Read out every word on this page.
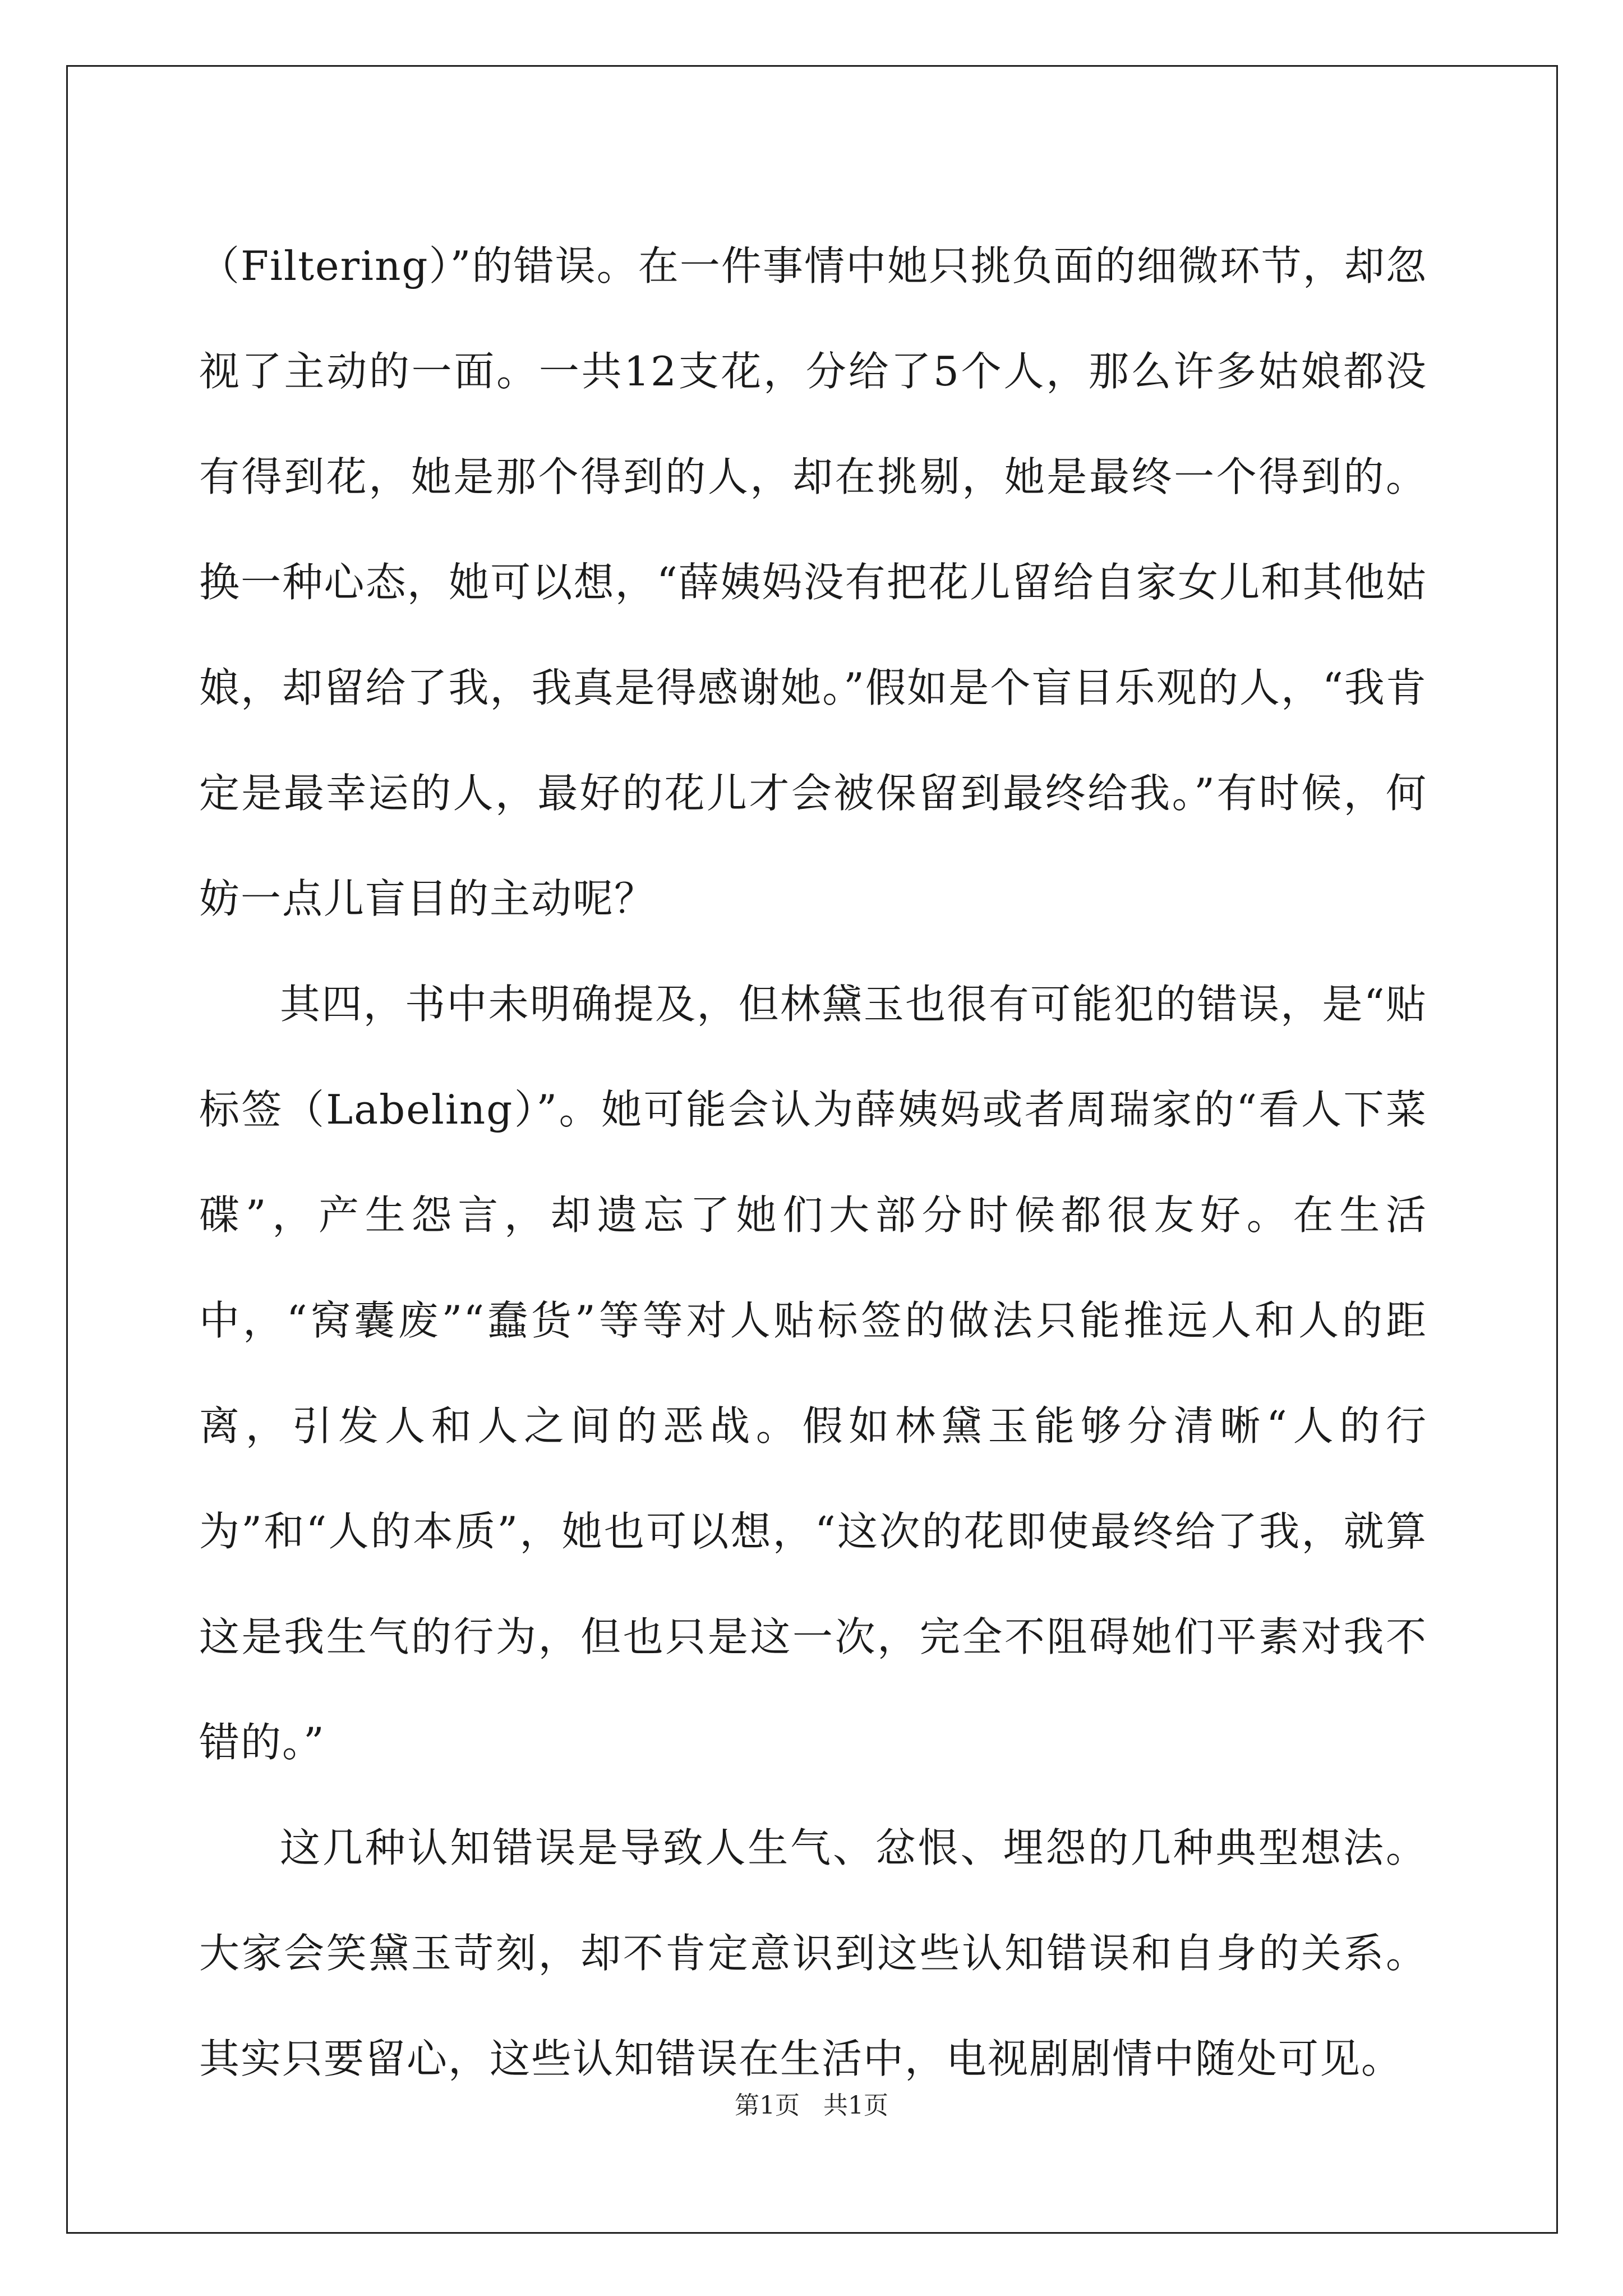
（Filtering）”的错误。在一件事情中她只挑负面的细微环节，却忽视了主动的一面。一共12支花，分给了5个人，那么许多姑娘都没有得到花，她是那个得到的人，却在挑剔，她是最终一个得到的。换一种心态，她可以想，“薛姨妈没有把花儿留给自家女儿和其他姑娘，却留给了我，我真是得感谢她。”假如是个盲目乐观的人，“我肯定是最幸运的人，最好的花儿才会被保留到最终给我。”有时候，何妨一点儿盲目的主动呢？

其四，书中未明确提及，但林黛玉也很有可能犯的错误，是“贴标签（Labeling）”。她可能会认为薛姨妈或者周瑞家的“看人下菜碟”，产生怨言，却遗忘了她们大部分时候都很友好。在生活中，“窝囊废”“蠢货”等等对人贴标签的做法只能推远人和人的距离，引发人和人之间的恶战。假如林黛玉能够分清晰“人的行为”和“人的本质”，她也可以想，“这次的花即使最终给了我，就算这是我生气的行为，但也只是这一次，完全不阻碍她们平素对我不错的。”

这几种认知错误是导致人生气、忿恨、埋怨的几种典型想法。大家会笑黛玉苛刻，却不肯定意识到这些认知错误和自身的关系。其实只要留心，这些认知错误在生活中，电视剧剧情中随处可见。

第1页   共1页
